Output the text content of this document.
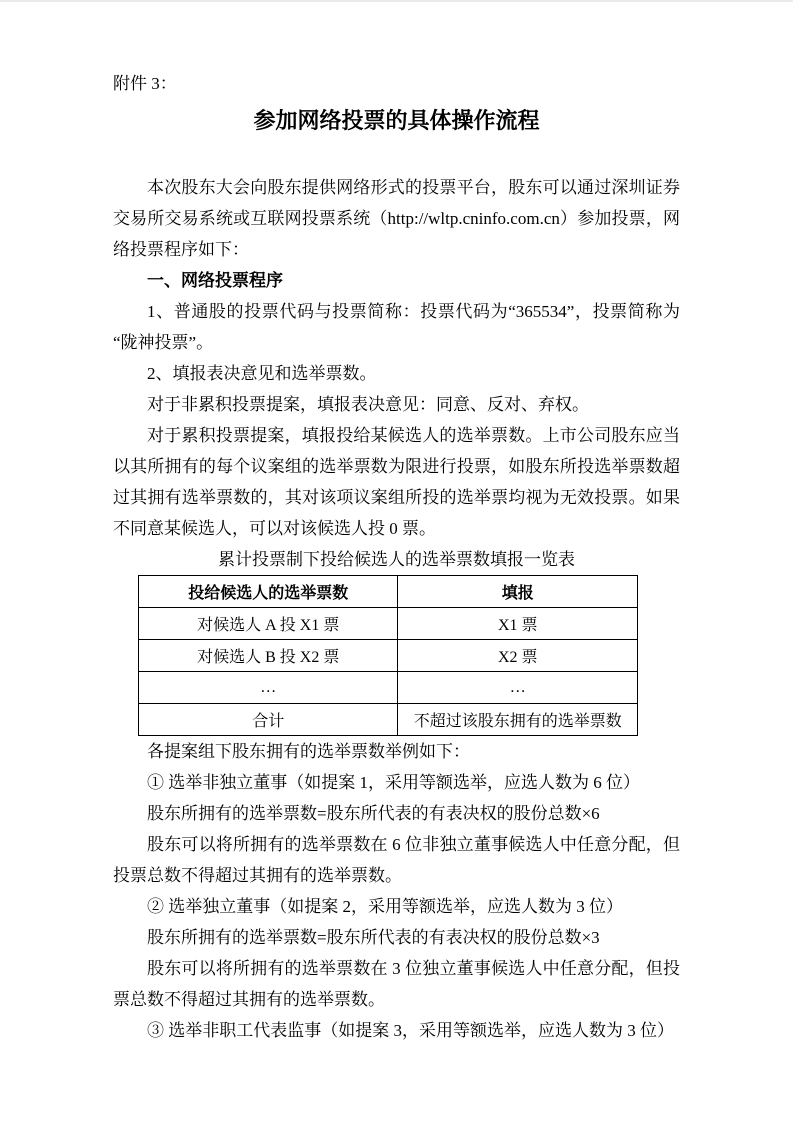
附件 3：

参加网络投票的具体操作流程

本次股东大会向股东提供网络形式的投票平台，股东可以通过深圳证券交易所交易系统或互联网投票系统（http://wltp.cninfo.com.cn）参加投票，网络投票程序如下：

一、网络投票程序

1、普通股的投票代码与投票简称：投票代码为“365534”，投票简称为“陇神投票”。

2、填报表决意见和选举票数。

对于非累积投票提案，填报表决意见：同意、反对、弃权。

对于累积投票提案，填报投给某候选人的选举票数。上市公司股东应当以其所拥有的每个议案组的选举票数为限进行投票，如股东所投选举票数超过其拥有选举票数的，其对该项议案组所投的选举票均视为无效投票。如果不同意某候选人，可以对该候选人投 0 票。

累计投票制下投给候选人的选举票数填报一览表

投给候选人的选举票数	填报
对候选人 A 投 X1 票	X1 票
对候选人 B 投 X2 票	X2 票
…	…
合计	不超过该股东拥有的选举票数

各提案组下股东拥有的选举票数举例如下：

① 选举非独立董事（如提案 1，采用等额选举，应选人数为 6 位）

股东所拥有的选举票数=股东所代表的有表决权的股份总数×6

股东可以将所拥有的选举票数在 6 位非独立董事候选人中任意分配，但投票总数不得超过其拥有的选举票数。

② 选举独立董事（如提案 2，采用等额选举，应选人数为 3 位）

股东所拥有的选举票数=股东所代表的有表决权的股份总数×3

股东可以将所拥有的选举票数在 3 位独立董事候选人中任意分配，但投票总数不得超过其拥有的选举票数。

③ 选举非职工代表监事（如提案 3，采用等额选举，应选人数为 3 位）
